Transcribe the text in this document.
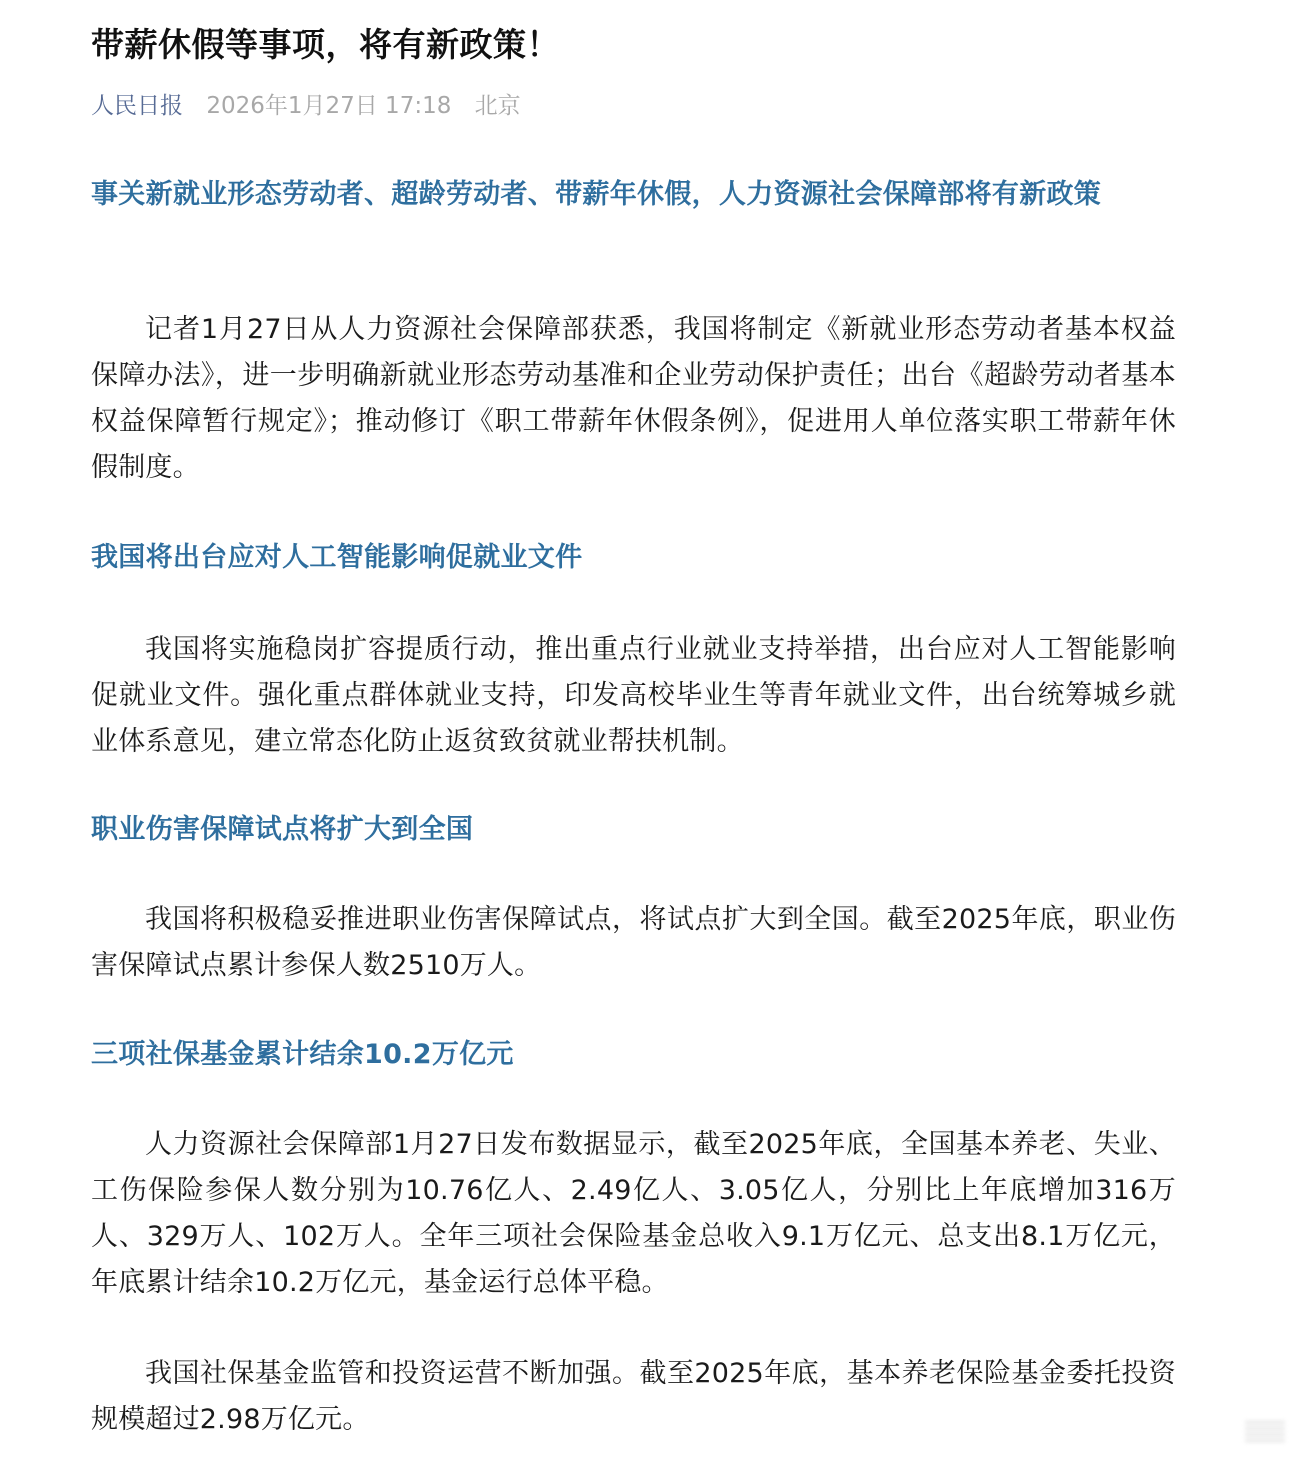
带薪休假等事项，将有新政策！
人民日报 2026年1月27日 17:18 北京
事关新就业形态劳动者、超龄劳动者、带薪年休假，人力资源社会保障部将有新政策

记者1月27日从人力资源社会保障部获悉，我国将制定《新就业形态劳动者基本权益保障办法》，进一步明确新就业形态劳动基准和企业劳动保护责任；出台《超龄劳动者基本权益保障暂行规定》；推动修订《职工带薪年休假条例》，促进用人单位落实职工带薪年休假制度。

我国将出台应对人工智能影响促就业文件

我国将实施稳岗扩容提质行动，推出重点行业就业支持举措，出台应对人工智能影响促就业文件。强化重点群体就业支持，印发高校毕业生等青年就业文件，出台统筹城乡就业体系意见，建立常态化防止返贫致贫就业帮扶机制。

职业伤害保障试点将扩大到全国

我国将积极稳妥推进职业伤害保障试点，将试点扩大到全国。截至2025年底，职业伤害保障试点累计参保人数2510万人。

三项社保基金累计结余10.2万亿元

人力资源社会保障部1月27日发布数据显示，截至2025年底，全国基本养老、失业、工伤保险参保人数分别为10.76亿人、2.49亿人、3.05亿人，分别比上年底增加316万人、329万人、102万人。全年三项社会保险基金总收入9.1万亿元、总支出8.1万亿元，年底累计结余10.2万亿元，基金运行总体平稳。

我国社保基金监管和投资运营不断加强。截至2025年底，基本养老保险基金委托投资规模超过2.98万亿元。
